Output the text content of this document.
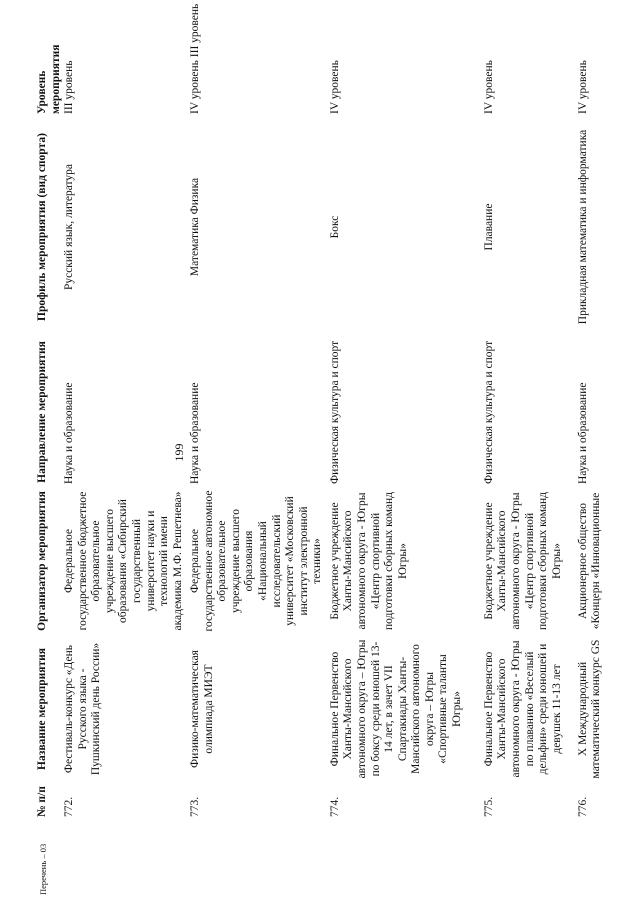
199
№ п/п	Название мероприятия	Организатор мероприятия	Направление мероприятия	Профиль мероприятия (вид спорта)	Уровень мероприятия
772.	Фестиваль-конкурс «День Русского языка - Пушкинский день России»	Федеральное государственное бюджетное образовательное учреждение высшего образования «Сибирский государственный университет науки и технологий имени академика М.Ф. Решетнева»	Наука и образование	Русский язык, литература	III уровень
773.	Физико-математическая олимпиада МИЭТ	Федеральное государственное автономное образовательное учреждение высшего образования «Национальный исследовательский университет «Московский институт электронной техники»	Наука и образование	Математика Физика	IV уровень III уровень
774.	Финальное Первенство Ханты-Мансийского автономного округа – Югры по боксу среди юношей 13-14 лет, в зачет VII Спартакиады Ханты-Мансийского автономного округа – Югры «Спортивные таланты Югры»	Бюджетное учреждение Ханты-Мансийского автономного округа - Югры «Центр спортивной подготовки сборных команд Югры»	Физическая культура и спорт	Бокс	IV уровень
775.	Финальное Первенство Ханты-Мансийского автономного округа - Югры по плаванию «Веселый дельфин» среди юношей и девушек 11-13 лет	Бюджетное учреждение Ханты-Мансийского автономного округа - Югры «Центр спортивной подготовки сборных команд Югры»	Физическая культура и спорт	Плавание	IV уровень
776.	X Международный математический конкурс GS	Акционерное общество «Концерн «Инновационные	Наука и образование	Прикладная математика и информатика	IV уровень
Перечень – 03
